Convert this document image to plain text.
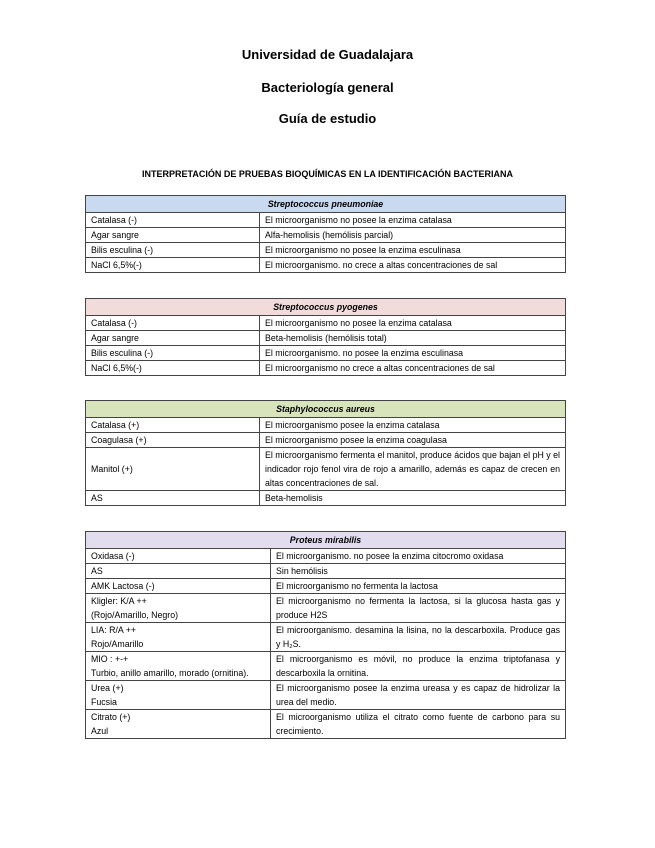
Universidad de Guadalajara
Bacteriología general
Guía de estudio
INTERPRETACIÓN DE PRUEBAS BIOQUÍMICAS EN LA IDENTIFICACIÓN BACTERIANA
Streptococcus pneumoniae	
Catalasa (-)	El microorganismo no posee la enzima catalasa
Agar sangre	Alfa-hemolisis (hemólisis parcial)
Bilis esculina (-)	El microorganismo no posee la enzima esculinasa
NaCl 6,5%(-)	El microorganismo. no crece a altas concentraciones de sal
Streptococcus pyogenes	
Catalasa (-)	El microorganismo no posee la enzima catalasa
Agar sangre	Beta-hemolisis (hemólisis total)
Bilis esculina (-)	El microorganismo. no posee la enzima esculinasa
NaCl 6,5%(-)	El microorganismo no crece a altas concentraciones de sal
Staphylococcus aureus	
Catalasa (+)	El microorganismo posee la enzima catalasa
Coagulasa (+)	El microorganismo posee la enzima coagulasa
Manitol (+)	El microorganismo fermenta el manitol, produce ácidos que bajan el pH y el indicador rojo fenol vira de rojo a amarillo, además es capaz de crecen en altas concentraciones de sal.
AS	Beta-hemolisis
Proteus mirabilis	
Oxidasa (-)	El microorganismo. no posee la enzima citocromo oxidasa
AS	Sin hemólisis
AMK Lactosa (-)	El microorganismo no fermenta la lactosa

Kligler: K/A ++
(Rojo/Amarillo, Negro)	El microorganismo no fermenta la lactosa, si la glucosa hasta gas y produce H2S

LIA: R/A ++
Rojo/Amarillo	El microorganismo. desamina la lisina, no la descarboxila. Produce gas y H₂S.

MIO : +-+
Turbio, anillo amarillo, morado (ornitina).	El microorganismo es móvil, no produce la enzima triptofanasa y descarboxila la ornitina.

Urea (+)
Fucsia	El microorganismo posee la enzima ureasa y es capaz de hidrolizar la urea del medio.

Citrato (+)
Azul	El microorganismo utiliza el citrato como fuente de carbono para su crecimiento.
